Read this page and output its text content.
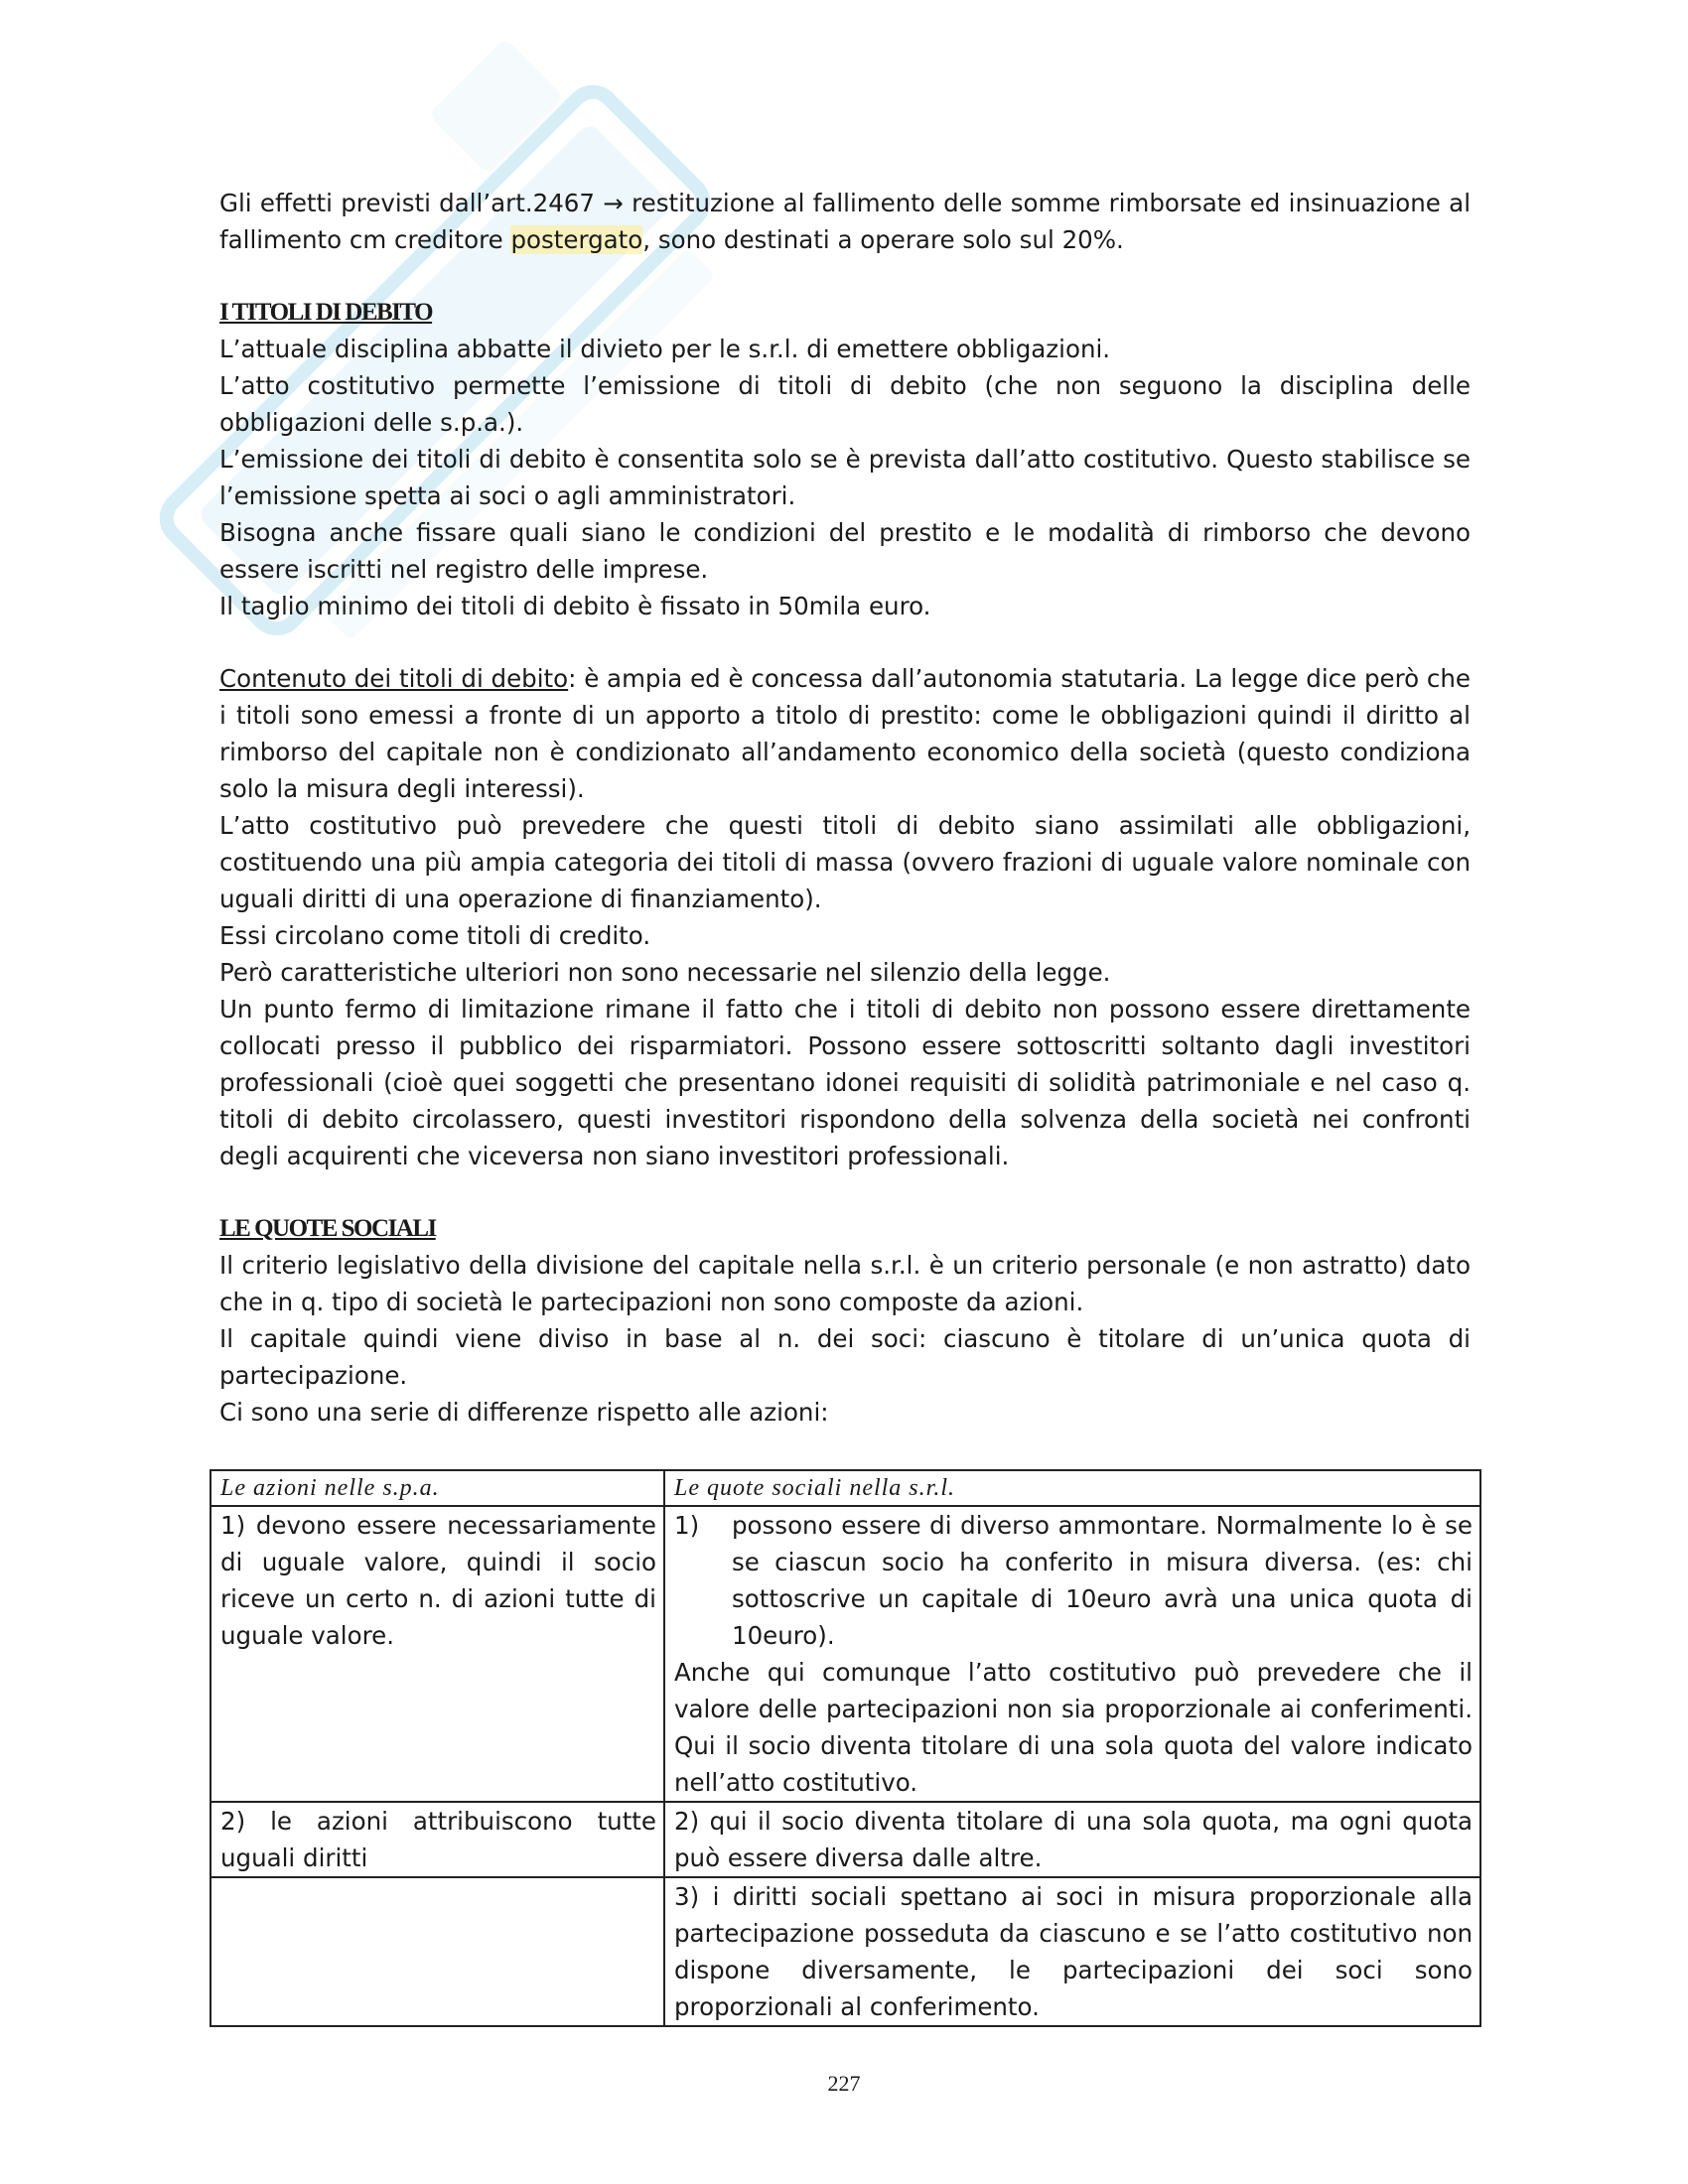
Gli effetti previsti dall’art.2467 → restituzione al fallimento delle somme rimborsate ed insinuazione al fallimento cm creditore postergato, sono destinati a operare solo sul 20%.

I TITOLI DI DEBITO

L’attuale disciplina abbatte il divieto per le s.r.l. di emettere obbligazioni.

L’atto costitutivo permette l’emissione di titoli di debito (che non seguono la disciplina delle obbligazioni delle s.p.a.).

L’emissione dei titoli di debito è consentita solo se è prevista dall’atto costitutivo. Questo stabilisce se l’emissione spetta ai soci o agli amministratori.

Bisogna anche fissare quali siano le condizioni del prestito e le modalità di rimborso che devono essere iscritti nel registro delle imprese.

Il taglio minimo dei titoli di debito è fissato in 50mila euro.

Contenuto dei titoli di debito: è ampia ed è concessa dall’autonomia statutaria. La legge dice però che i titoli sono emessi a fronte di un apporto a titolo di prestito: come le obbligazioni quindi il diritto al rimborso del capitale non è condizionato all’andamento economico della società (questo condiziona solo la misura degli interessi).

L’atto costitutivo può prevedere che questi titoli di debito siano assimilati alle obbligazioni, costituendo una più ampia categoria dei titoli di massa (ovvero frazioni di uguale valore nominale con uguali diritti di una operazione di finanziamento).

Essi circolano come titoli di credito.

Però caratteristiche ulteriori non sono necessarie nel silenzio della legge.

Un punto fermo di limitazione rimane il fatto che i titoli di debito non possono essere direttamente collocati presso il pubblico dei risparmiatori. Possono essere sottoscritti soltanto dagli investitori professionali (cioè quei soggetti che presentano idonei requisiti di solidità patrimoniale e nel caso q. titoli di debito circolassero, questi investitori rispondono della solvenza della società nei confronti degli acquirenti che viceversa non siano investitori professionali.

LE QUOTE SOCIALI

Il criterio legislativo della divisione del capitale nella s.r.l. è un criterio personale (e non astratto) dato che in q. tipo di società le partecipazioni non sono composte da azioni.

Il capitale quindi viene diviso in base al n. dei soci: ciascuno è titolare di un’unica quota di partecipazione.

Ci sono una serie di differenze rispetto alle azioni:

Le azioni nelle s.p.a.	Le quote sociali nella s.r.l.
1) devono essere necessariamente di uguale valore, quindi il socio riceve un certo n. di azioni tutte di uguale valore.	1) possono essere di diverso ammontare. Normalmente lo è se se ciascun socio ha conferito in misura diversa. (es: chi sottoscrive un capitale di 10euro avrà una unica quota di 10euro).
Anche qui comunque l’atto costitutivo può prevedere che il valore delle partecipazioni non sia proporzionale ai conferimenti. Qui il socio diventa titolare di una sola quota del valore indicato nell’atto costitutivo.

2) le azioni attribuiscono tutte uguali diritti	2) qui il socio diventa titolare di una sola quota, ma ogni quota può essere diversa dalle altre.
	3) i diritti sociali spettano ai soci in misura proporzionale alla partecipazione posseduta da ciascuno e se l’atto costitutivo non dispone diversamente, le partecipazioni dei soci sono proporzionali al conferimento.
227
